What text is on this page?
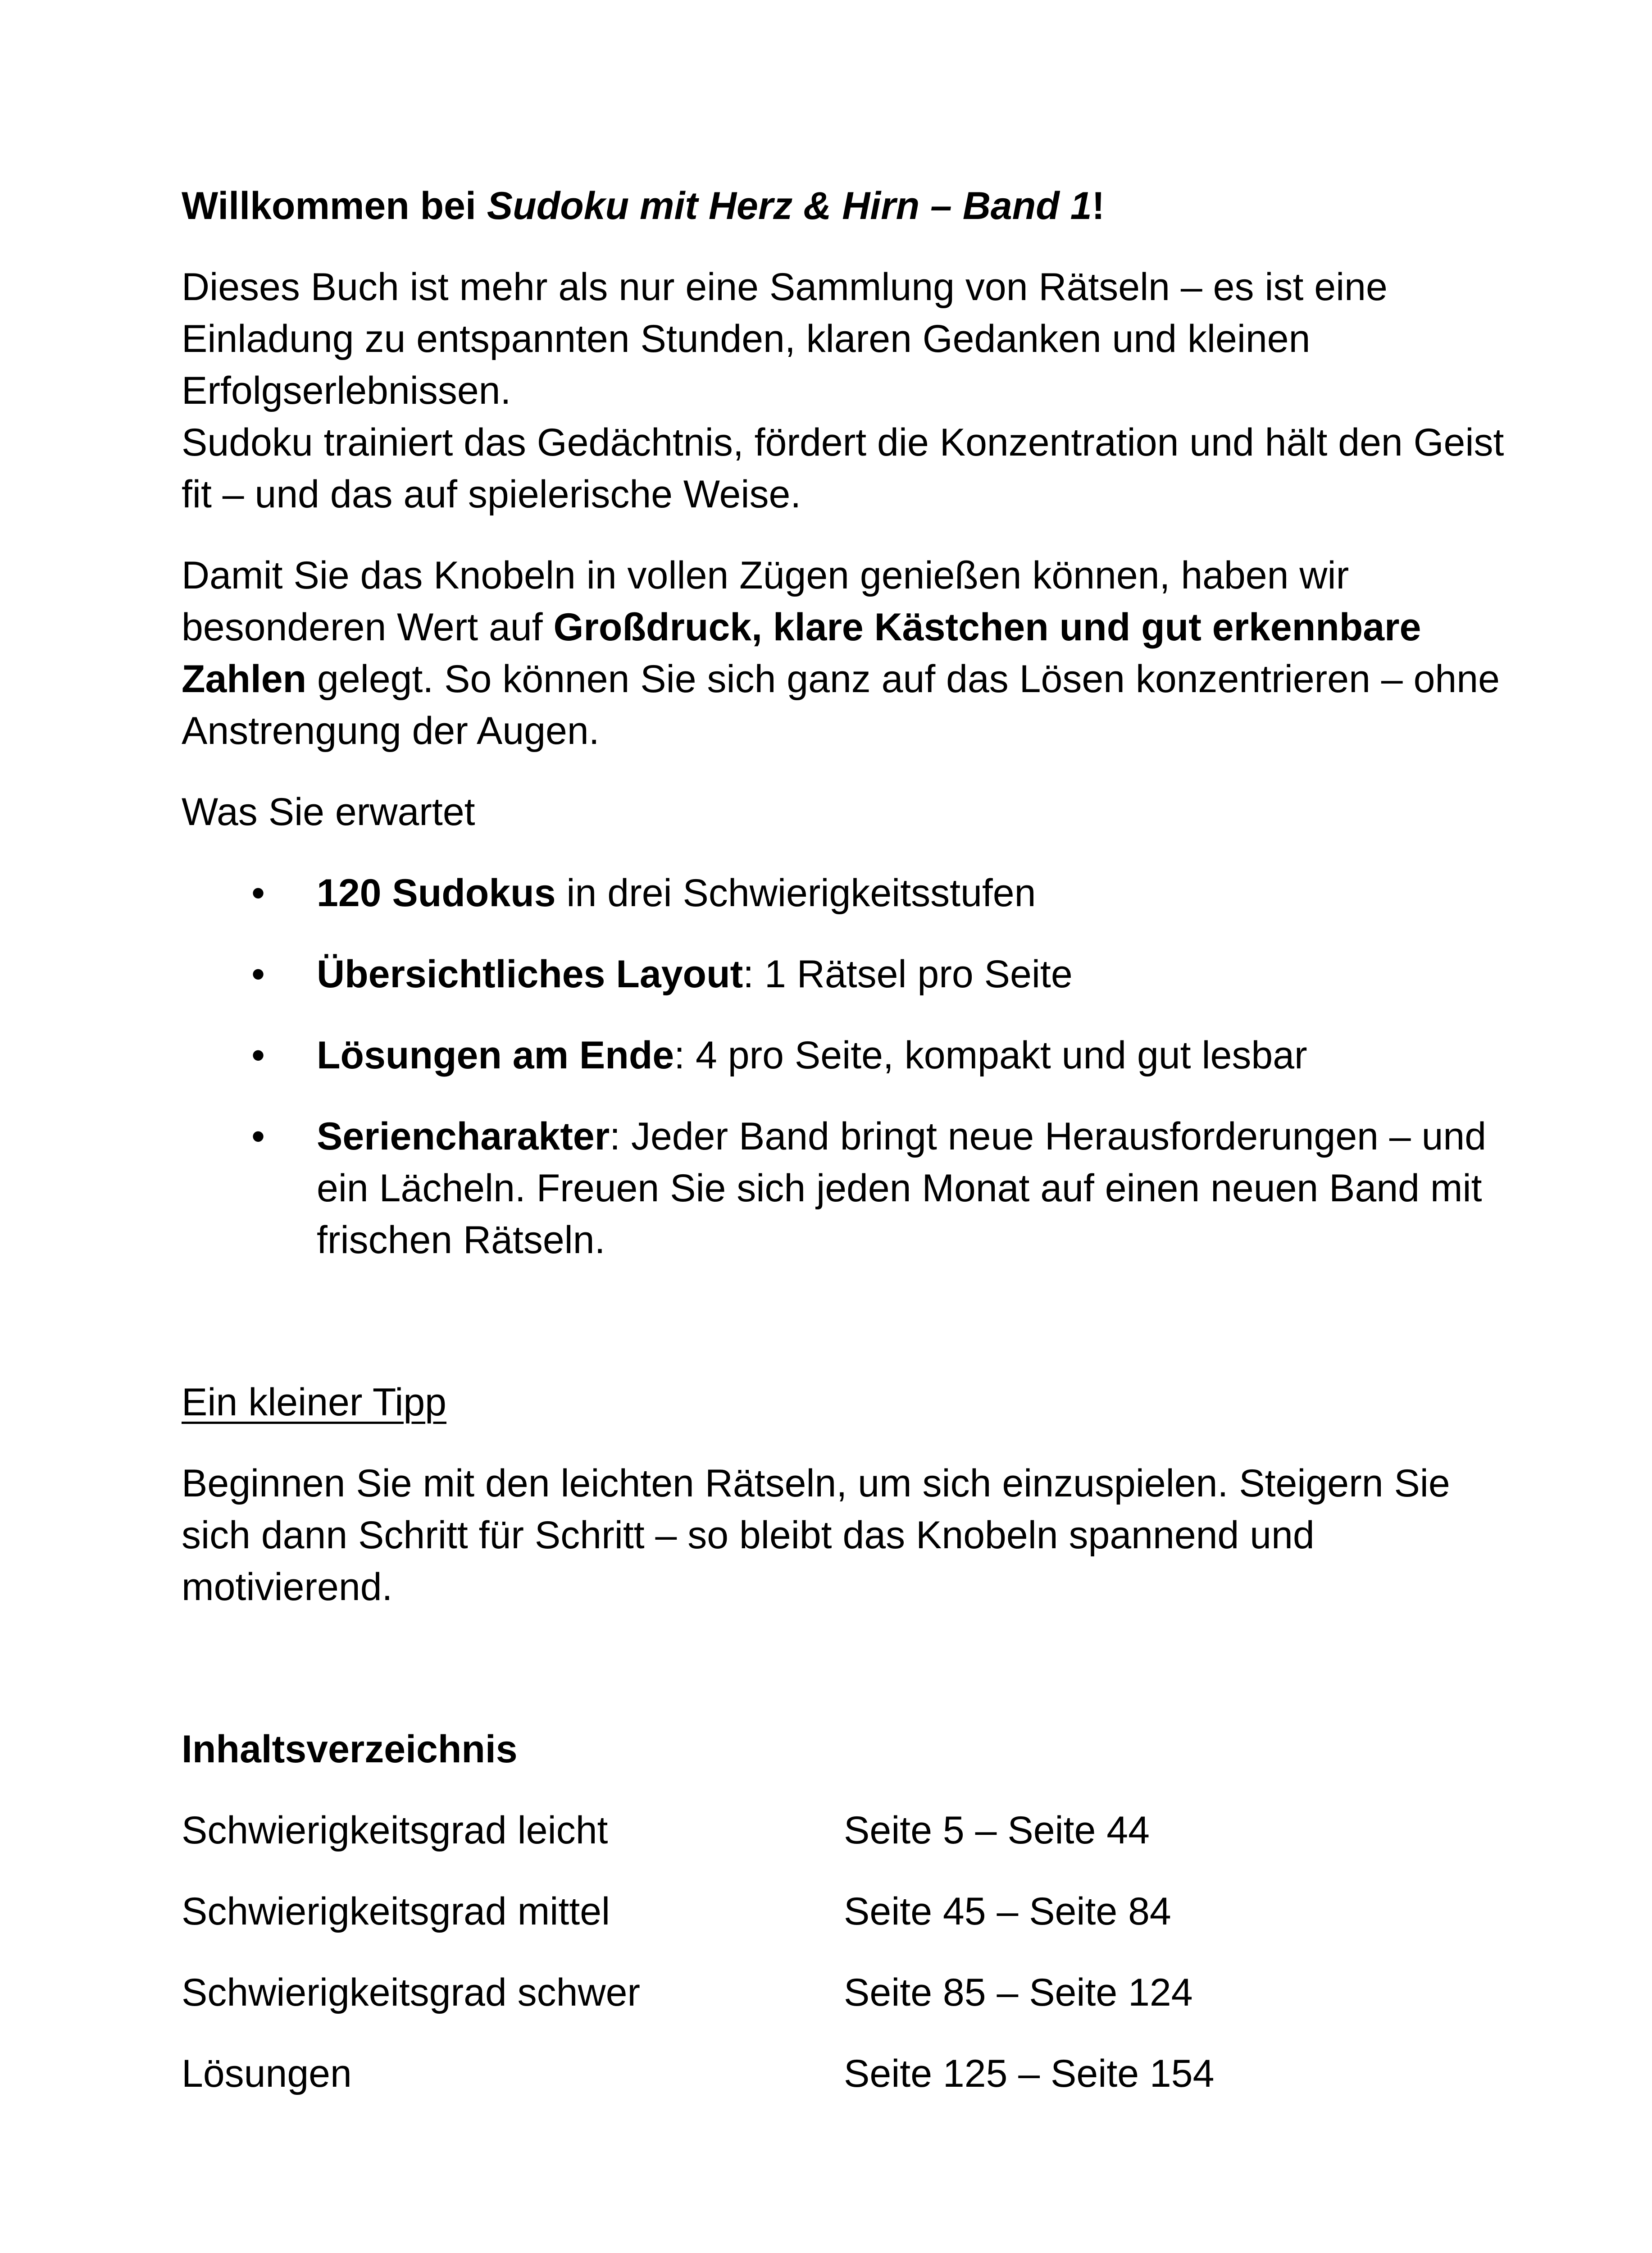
Willkommen bei Sudoku mit Herz & Hirn – Band 1!

Dieses Buch ist mehr als nur eine Sammlung von Rätseln – es ist eine Einladung zu entspannten Stunden, klaren Gedanken und kleinen Erfolgserlebnissen.

Sudoku trainiert das Gedächtnis, fördert die Konzentration und hält den Geist fit – und das auf spielerische Weise.

Damit Sie das Knobeln in vollen Zügen genießen können, haben wir besonderen Wert auf Großdruck, klare Kästchen und gut erkennbare Zahlen gelegt. So können Sie sich ganz auf das Lösen konzentrieren – ohne Anstrengung der Augen.
Was Sie erwartet
• 120 Sudokus in drei Schwierigkeitsstufen
• Übersichtliches Layout: 1 Rätsel pro Seite
• Lösungen am Ende: 4 pro Seite, kompakt und gut lesbar
• Seriencharakter: Jeder Band bringt neue Herausforderungen – und ein Lächeln. Freuen Sie sich jeden Monat auf einen neuen Band mit frischen Rätseln.
Ein kleiner Tipp
Beginnen Sie mit den leichten Rätseln, um sich einzuspielen. Steigern Sie sich dann Schritt für Schritt – so bleibt das Knobeln spannend und motivierend.
Inhaltsverzeichnis
Schwierigkeitsgrad leicht	Seite 5 – Seite 44
Schwierigkeitsgrad mittel	Seite 45 – Seite 84
Schwierigkeitsgrad schwer	Seite 85 – Seite 124
Lösungen	Seite 125 – Seite 154
